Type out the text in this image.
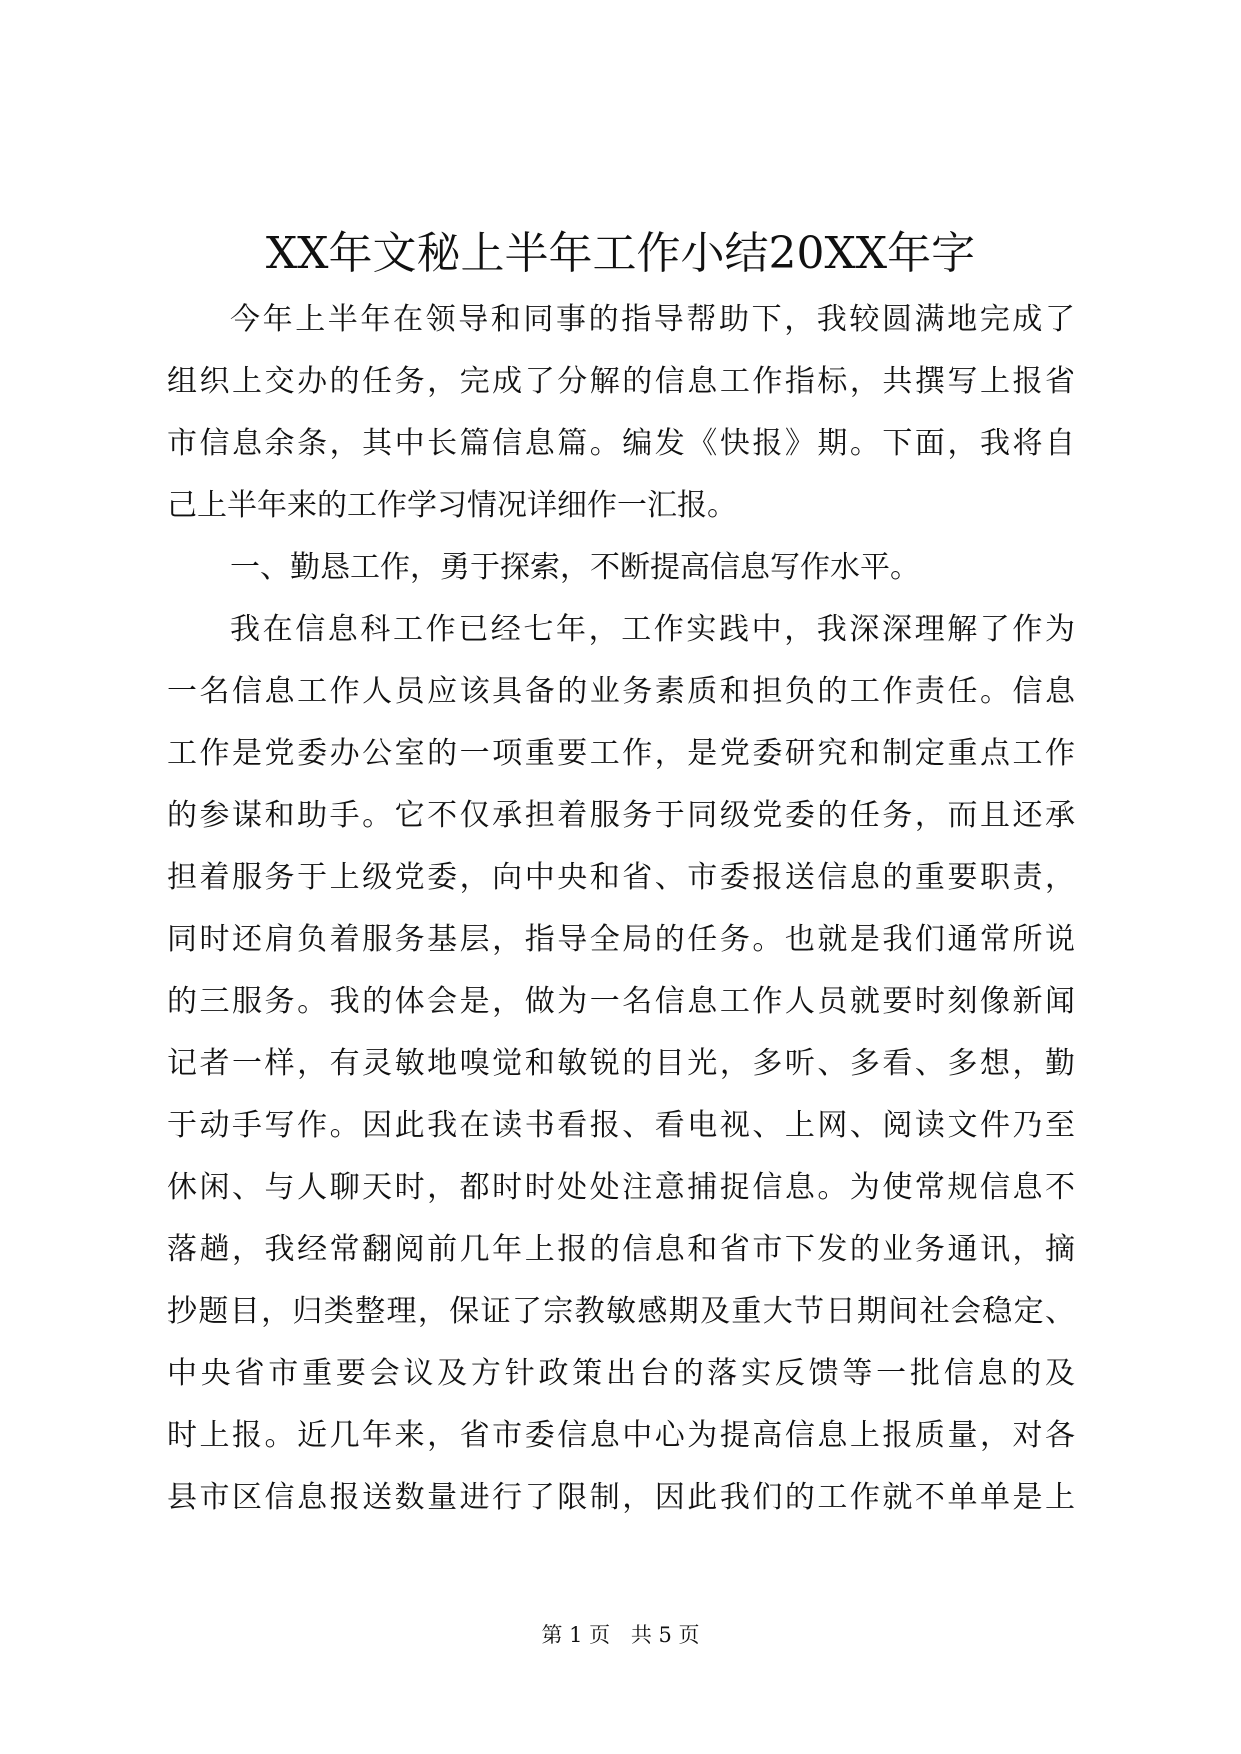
XX年文秘上半年工作小结20XX年字
今年上半年在领导和同事的指导帮助下，我较圆满地完成了
组织上交办的任务，完成了分解的信息工作指标，共撰写上报省
市信息余条，其中长篇信息篇。编发《快报》期。下面，我将自
己上半年来的工作学习情况详细作一汇报。
一、勤恳工作，勇于探索，不断提高信息写作水平。
我在信息科工作已经七年，工作实践中，我深深理解了作为
一名信息工作人员应该具备的业务素质和担负的工作责任。信息
工作是党委办公室的一项重要工作，是党委研究和制定重点工作
的参谋和助手。它不仅承担着服务于同级党委的任务，而且还承
担着服务于上级党委，向中央和省、市委报送信息的重要职责，
同时还肩负着服务基层，指导全局的任务。也就是我们通常所说
的三服务。我的体会是，做为一名信息工作人员就要时刻像新闻
记者一样，有灵敏地嗅觉和敏锐的目光，多听、多看、多想，勤
于动手写作。因此我在读书看报、看电视、上网、阅读文件乃至
休闲、与人聊天时，都时时处处注意捕捉信息。为使常规信息不
落趟，我经常翻阅前几年上报的信息和省市下发的业务通讯，摘
抄题目，归类整理，保证了宗教敏感期及重大节日期间社会稳定、
中央省市重要会议及方针政策出台的落实反馈等一批信息的及
时上报。近几年来，省市委信息中心为提高信息上报质量，对各
县市区信息报送数量进行了限制，因此我们的工作就不单单是上
第 1 页 共 5 页
